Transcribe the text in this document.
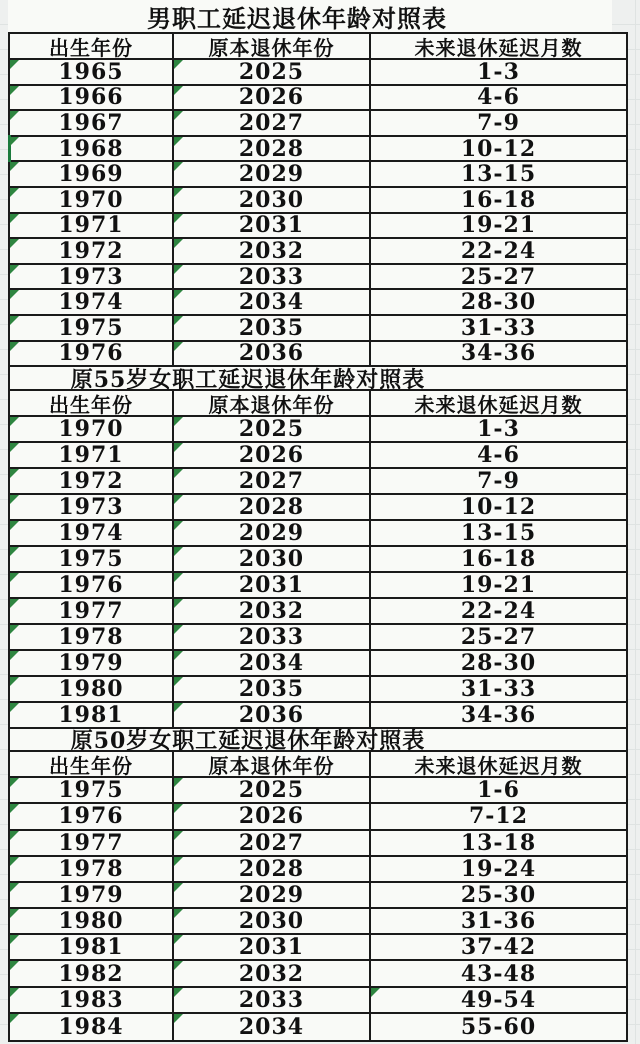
男职工延迟退休年龄对照表
出生年份	原本退休年份	未来退休延迟月数
1965	2025	1-3
1966	2026	4-6
1967	2027	7-9
1968	2028	10-12
1969	2029	13-15
1970	2030	16-18
1971	2031	19-21
1972	2032	22-24
1973	2033	25-27
1974	2034	28-30
1975	2035	31-33
1976	2036	34-36
原55岁女职工延迟退休年龄对照表
出生年份	原本退休年份	未来退休延迟月数
1970	2025	1-3
1971	2026	4-6
1972	2027	7-9
1973	2028	10-12
1974	2029	13-15
1975	2030	16-18
1976	2031	19-21
1977	2032	22-24
1978	2033	25-27
1979	2034	28-30
1980	2035	31-33
1981	2036	34-36
原50岁女职工延迟退休年龄对照表
出生年份	原本退休年份	未来退休延迟月数
1975	2025	1-6
1976	2026	7-12
1977	2027	13-18
1978	2028	19-24
1979	2029	25-30
1980	2030	31-36
1981	2031	37-42
1982	2032	43-48
1983	2033	49-54
1984	2034	55-60
